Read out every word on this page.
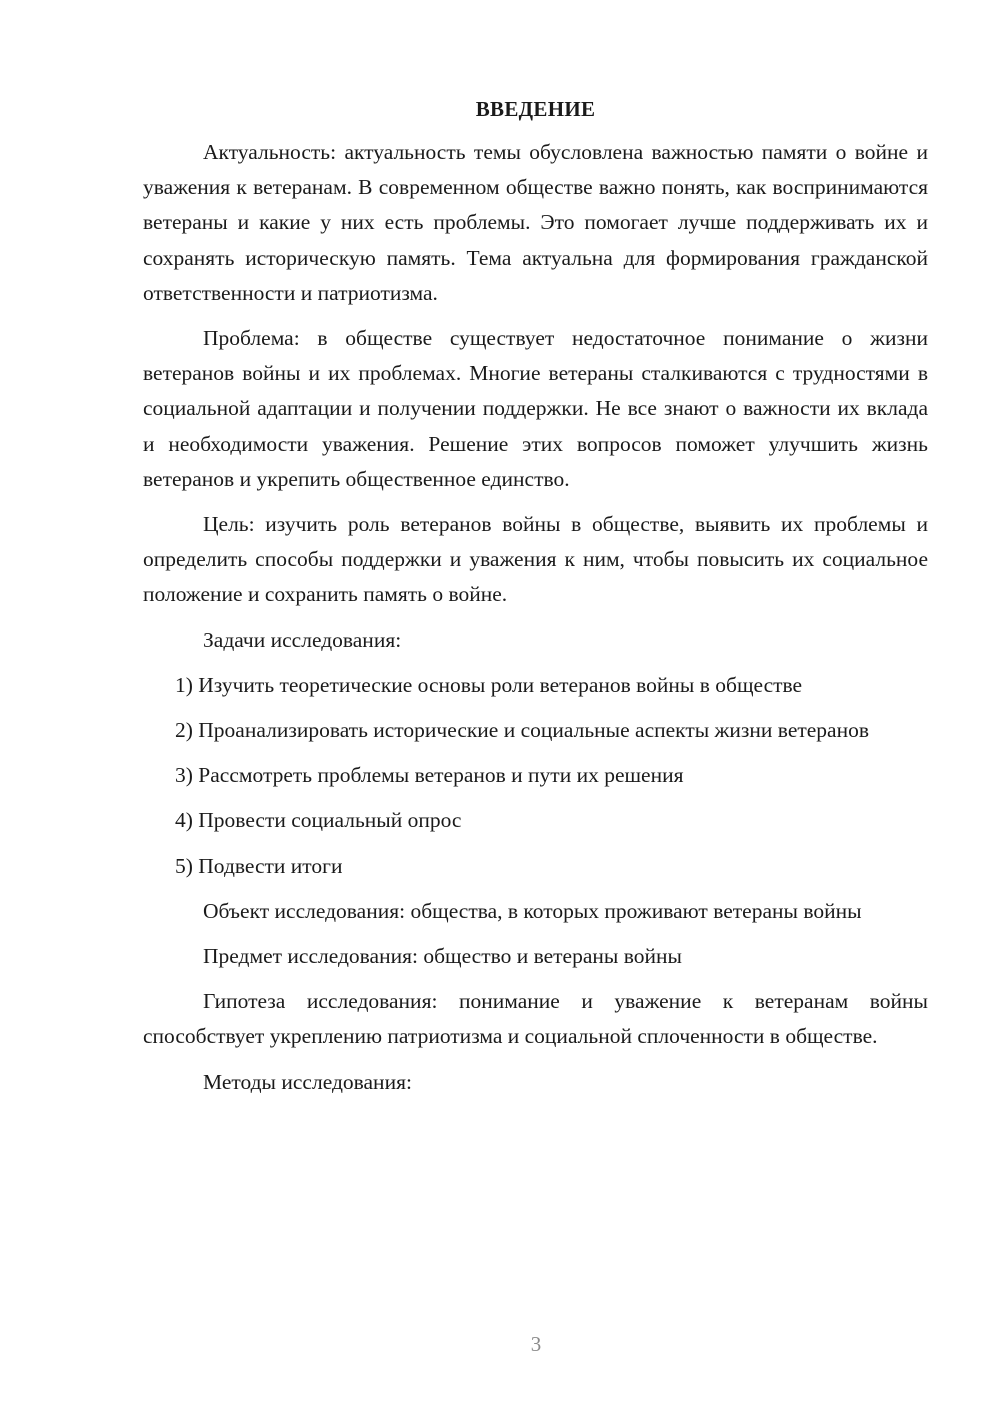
ВВЕДЕНИЕ

Актуальность: актуальность темы обусловлена важностью памяти о войне и уважения к ветеранам. В современном обществе важно понять, как воспринимаются ветераны и какие у них есть проблемы. Это помогает лучше поддерживать их и сохранять историческую память. Тема актуальна для формирования гражданской ответственности и патриотизма.

Проблема: в обществе существует недостаточное понимание о жизни ветеранов войны и их проблемах. Многие ветераны сталкиваются с трудностями в социальной адаптации и получении поддержки. Не все знают о важности их вклада и необходимости уважения. Решение этих вопросов поможет улучшить жизнь ветеранов и укрепить общественное единство.

Цель: изучить роль ветеранов войны в обществе, выявить их проблемы и определить способы поддержки и уважения к ним, чтобы повысить их социальное положение и сохранить память о войне.

Задачи исследования:

1) Изучить теоретические основы роли ветеранов войны в обществе

2) Проанализировать исторические и социальные аспекты жизни ветеранов

3) Рассмотреть проблемы ветеранов и пути их решения

4) Провести социальный опрос

5) Подвести итоги

Объект исследования: общества, в которых проживают ветераны войны

Предмет исследования: общество и ветераны войны

Гипотеза исследования: понимание и уважение к ветеранам войны способствует укреплению патриотизма и социальной сплоченности в обществе.

Методы исследования:

3
